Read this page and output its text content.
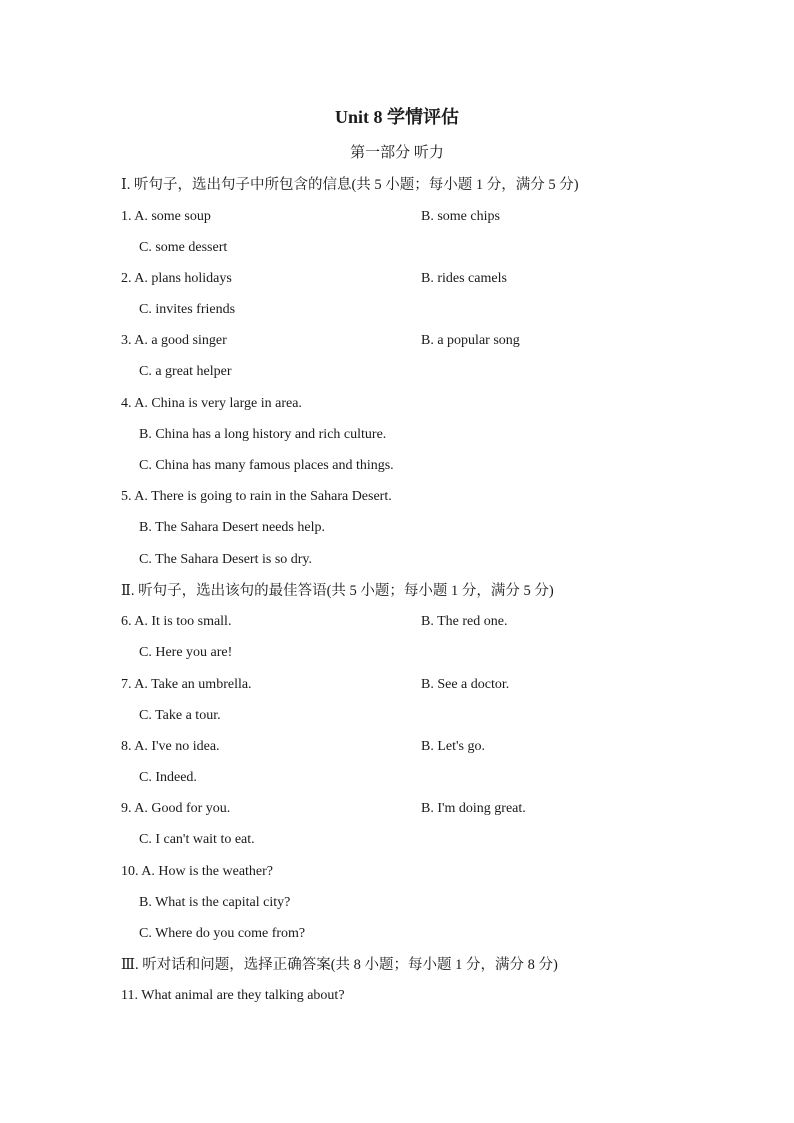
Unit 8 学情评估
第一部分 听力
Ⅰ. 听句子，选出句子中所包含的信息(共 5 小题；每小题 1 分，满分 5 分)
1. A. some soup	B. some chips
C. some dessert
2. A. plans holidays	B. rides camels
C. invites friends
3. A. a good singer	B. a popular song
C. a great helper
4. A. China is very large in area.
B. China has a long history and rich culture.
C. China has many famous places and things.
5. A. There is going to rain in the Sahara Desert.
B. The Sahara Desert needs help.
C. The Sahara Desert is so dry.
Ⅱ. 听句子，选出该句的最佳答语(共 5 小题；每小题 1 分，满分 5 分)
6. A. It is too small.	B. The red one.
C. Here you are!
7. A. Take an umbrella.	B. See a doctor.
C. Take a tour.
8. A. I've no idea.	B. Let's go.
C. Indeed.
9. A. Good for you.	B. I'm doing great.
C. I can't wait to eat.
10. A. How is the weather?
B. What is the capital city?
C. Where do you come from?
Ⅲ. 听对话和问题，选择正确答案(共 8 小题；每小题 1 分，满分 8 分)
11. What animal are they talking about?
